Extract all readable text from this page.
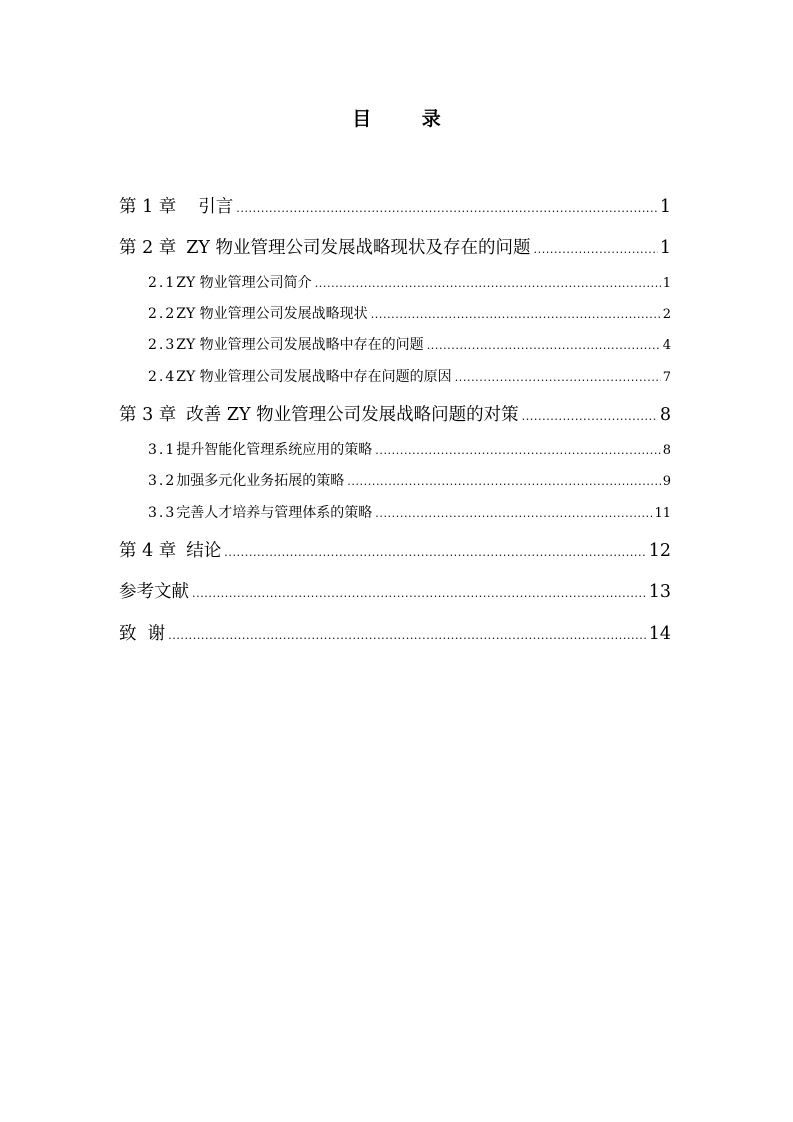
目 录
第 1 章 引言 .....	1
第 2 章 ZY 物业管理公司发展战略现状及存在的问题 .....	1
2.1 ZY 物业管理公司简介 .....	1
2.2 ZY 物业管理公司发展战略现状 .....	2
2.3 ZY 物业管理公司发展战略中存在的问题 .....	4
2.4 ZY 物业管理公司发展战略中存在问题的原因 .....	7
第 3 章 改善 ZY 物业管理公司发展战略问题的对策 .....	8
3.1 提升智能化管理系统应用的策略 .....	8
3.2 加强多元化业务拓展的策略 .....	9
3.3 完善人才培养与管理体系的策略 .....	11
第 4 章 结论 .....	12
参考文献 .....	13
致  谢 .....	14
